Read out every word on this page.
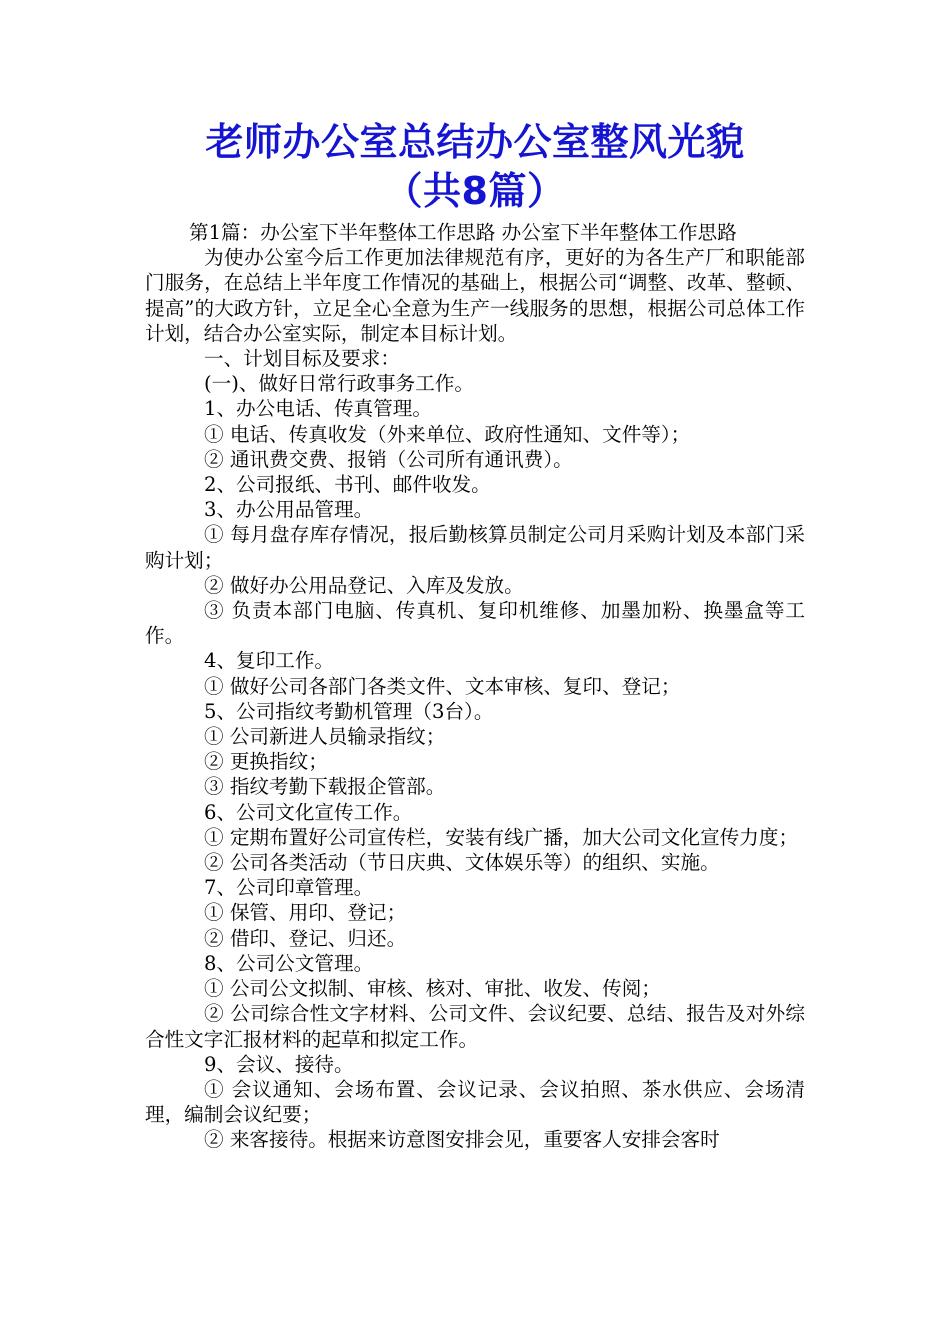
老师办公室总结办公室整风光貌
（共8篇）

第1篇：办公室下半年整体工作思路 办公室下半年整体工作思路

为使办公室今后工作更加法律规范有序，更好的为各生产厂和职能部门服务，在总结上半年度工作情况的基础上，根据公司“调整、改革、整顿、提高”的大政方针，立足全心全意为生产一线服务的思想，根据公司总体工作计划，结合办公室实际，制定本目标计划。

一、计划目标及要求：

(一)、做好日常行政事务工作。

1、办公电话、传真管理。

① 电话、传真收发（外来单位、政府性通知、文件等）；

② 通讯费交费、报销（公司所有通讯费）。

2、公司报纸、书刊、邮件收发。

3、办公用品管理。

① 每月盘存库存情况，报后勤核算员制定公司月采购计划及本部门采购计划；

② 做好办公用品登记、入库及发放。

③ 负责本部门电脑、传真机、复印机维修、加墨加粉、换墨盒等工作。

4、复印工作。

① 做好公司各部门各类文件、文本审核、复印、登记；

5、公司指纹考勤机管理（3台）。

① 公司新进人员输录指纹；

② 更换指纹；

③ 指纹考勤下载报企管部。

6、公司文化宣传工作。

① 定期布置好公司宣传栏，安装有线广播，加大公司文化宣传力度；

② 公司各类活动（节日庆典、文体娱乐等）的组织、实施。

7、公司印章管理。

① 保管、用印、登记；

② 借印、登记、归还。

8、公司公文管理。

① 公司公文拟制、审核、核对、审批、收发、传阅；

② 公司综合性文字材料、公司文件、会议纪要、总结、报告及对外综合性文字汇报材料的起草和拟定工作。

9、会议、接待。

① 会议通知、会场布置、会议记录、会议拍照、茶水供应、会场清理，编制会议纪要；

② 来客接待。根据来访意图安排会见，重要客人安排会客时
